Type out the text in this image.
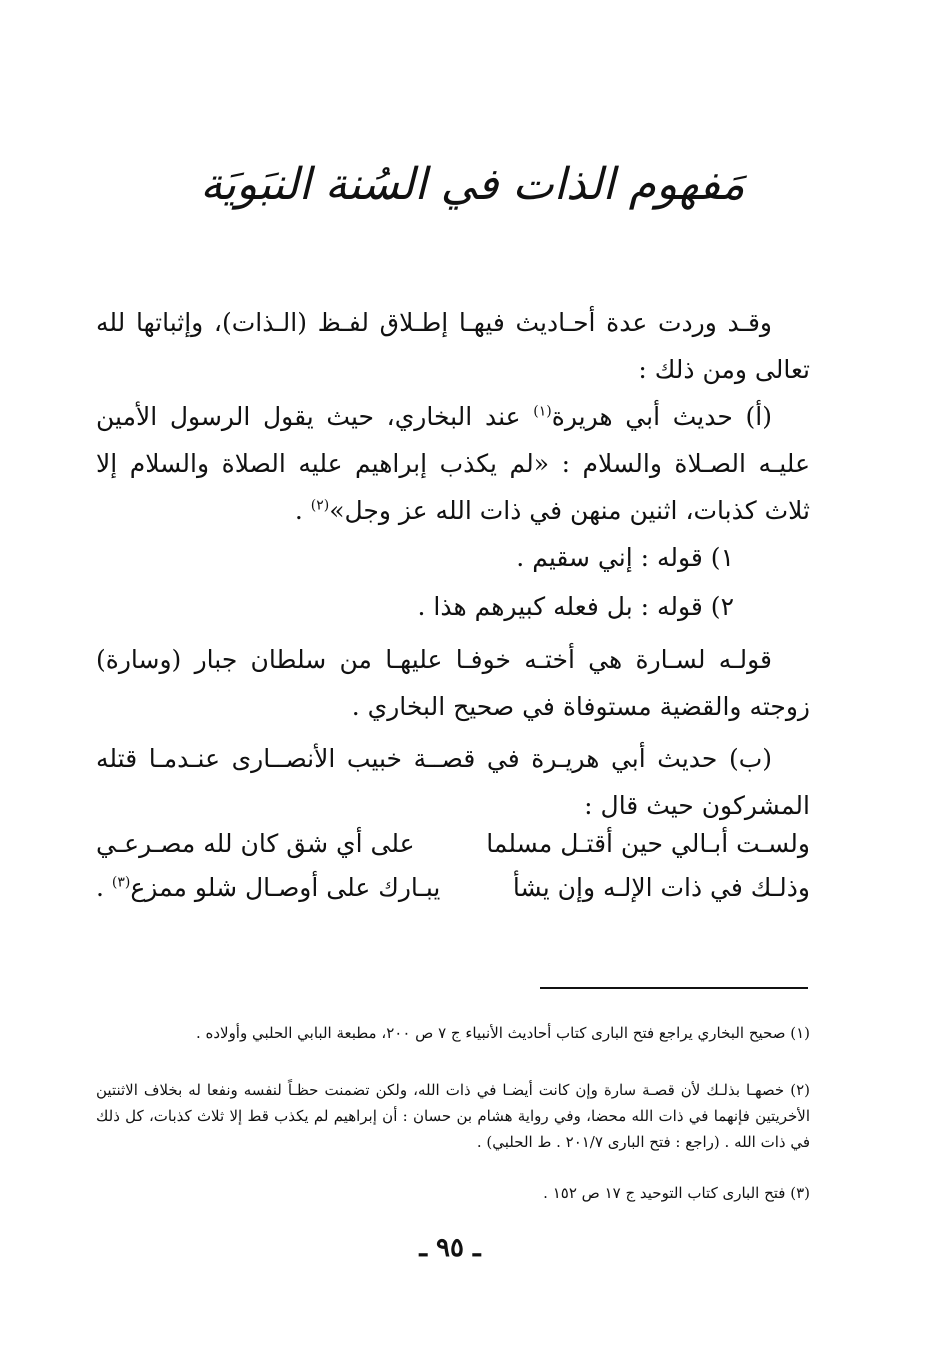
مَفهوم الذات في السُنة النبَويَة
وقـد وردت عدة أحـاديث فيهـا إطـلاق لفـظ (الـذات)، وإثباتها لله تعالى ومن ذلك :
(أ) حديث أبي هريرة$^{(١)}$ عند البخاري، حيث يقول الرسول الأمين عليـه الصـلاة والسلام : «لم يكذب إبراهيم عليه الصلاة والسلام إلا ثلاث كذبات، اثنين منهن في ذات الله عز وجل»$^{(٢)}$ .
١) قوله : إني سقيم .
٢) قوله : بل فعله كبيرهم هذا .
قولـه لسـارة هي أختـه خوفـا عليهـا من سلطان جبار (وسارة) زوجته والقضية مستوفاة في صحيح البخاري .
(ب) حديث أبي هريـرة في قصــة خبيب الأنصــارى عنـدمـا قتله المشركون حيث قال :
ولسـت أبـالي حين أقتـل مسلما
على أي شق كان لله مصـرعـي
وذلـك في ذات الإلـه وإن يشأ
يبـارك على أوصـال شلو ممزع$^{(٣)}$ .
(١) صحيح البخاري يراجع فتح البارى كتاب أحاديث الأنبياء ج ٧ ص ٢٠٠، مطبعة البابي الحلبي وأولاده .
(٢) خصهـا بذلـك لأن قصـة سارة وإن كانت أيضـا في ذات الله، ولكن تضمنت حظـاً لنفسه ونفعا له بخلاف الاثنتين الأخريتين فإنهما في ذات الله محضا، وفي رواية هشام بن حسان : أن إبراهيم لم يكذب قط إلا ثلاث كذبات، كل ذلك في ذات الله . (راجع : فتح البارى ٢٠١/٧ . ط الحلبي) .
(٣) فتح البارى كتاب التوحيد ج ١٧ ص ١٥٢ .
ـ ٩٥ ـ
